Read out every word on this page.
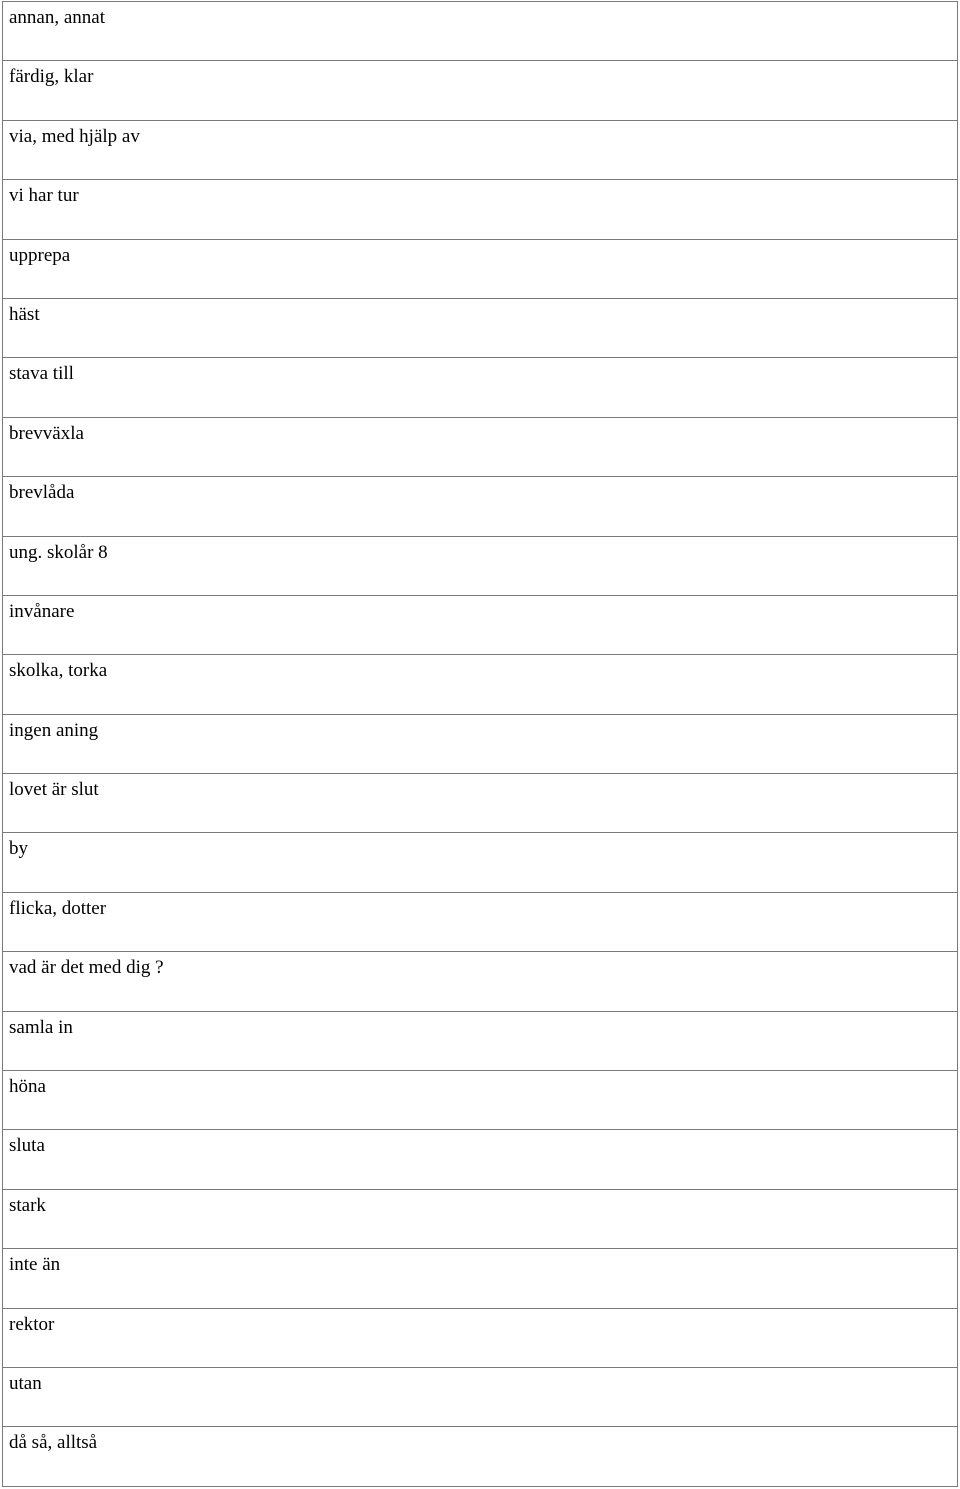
annan, annat
färdig, klar
via, med hjälp av
vi har tur
upprepa
häst
stava till
brevväxla
brevlåda
ung. skolår 8
invånare
skolka, torka
ingen aning
lovet är slut
by
flicka, dotter
vad är det med dig ?
samla in
höna
sluta
stark
inte än
rektor
utan
då så, alltså
